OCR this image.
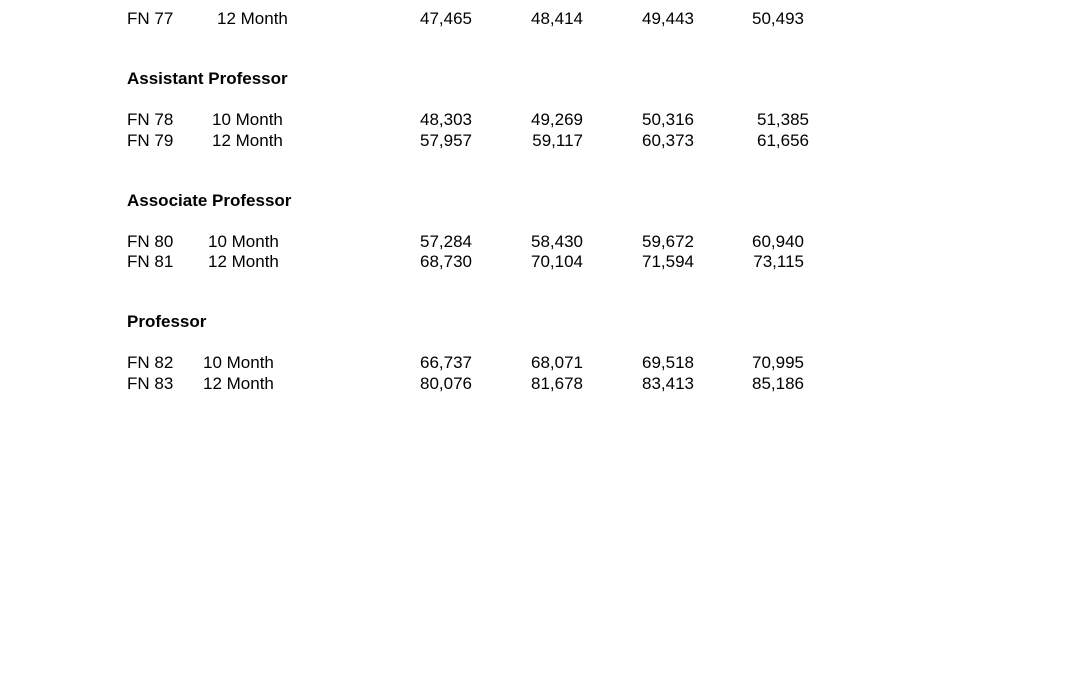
FN 77	12 Month	47,465	48,414	49,443	50,493
Assistant Professor
FN 78 10 Month	48,303	49,269	50,316	51,385
FN 79 12 Month	57,957	59,117	60,373	61,656
Associate Professor
FN 80 10 Month	57,284	58,430	59,672	60,940
FN 81 12 Month	68,730	70,104	71,594	73,115
Professor
FN 82 10 Month	66,737	68,071	69,518	70,995
FN 83 12 Month	80,076	81,678	83,413	85,186
